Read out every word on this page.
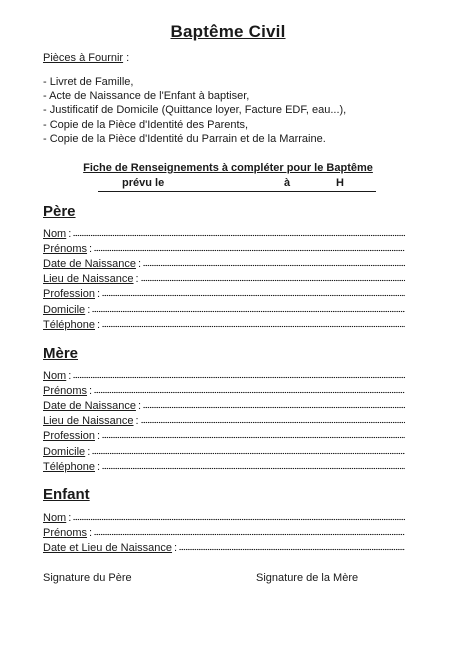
Baptême Civil
Pièces à Fournir :
- Livret de Famille,
- Acte de Naissance de l'Enfant à baptiser,
- Justificatif de Domicile (Quittance loyer, Facture EDF, eau...),
- Copie de la Pièce d'Identité des Parents,
- Copie de la Pièce d'Identité du Parrain et de la Marraine.
Fiche de Renseignements à compléter pour le Baptême
prévu le	à	H
Père
Nom :
Prénoms :
Date de Naissance :
Lieu de Naissance :
Profession :
Domicile :
Téléphone :
Mère
Nom :
Prénoms :
Date de Naissance :
Lieu de Naissance :
Profession :
Domicile :
Téléphone :
Enfant
Nom :
Prénoms :
Date et Lieu de Naissance :
Signature du Père	Signature de la Mère
